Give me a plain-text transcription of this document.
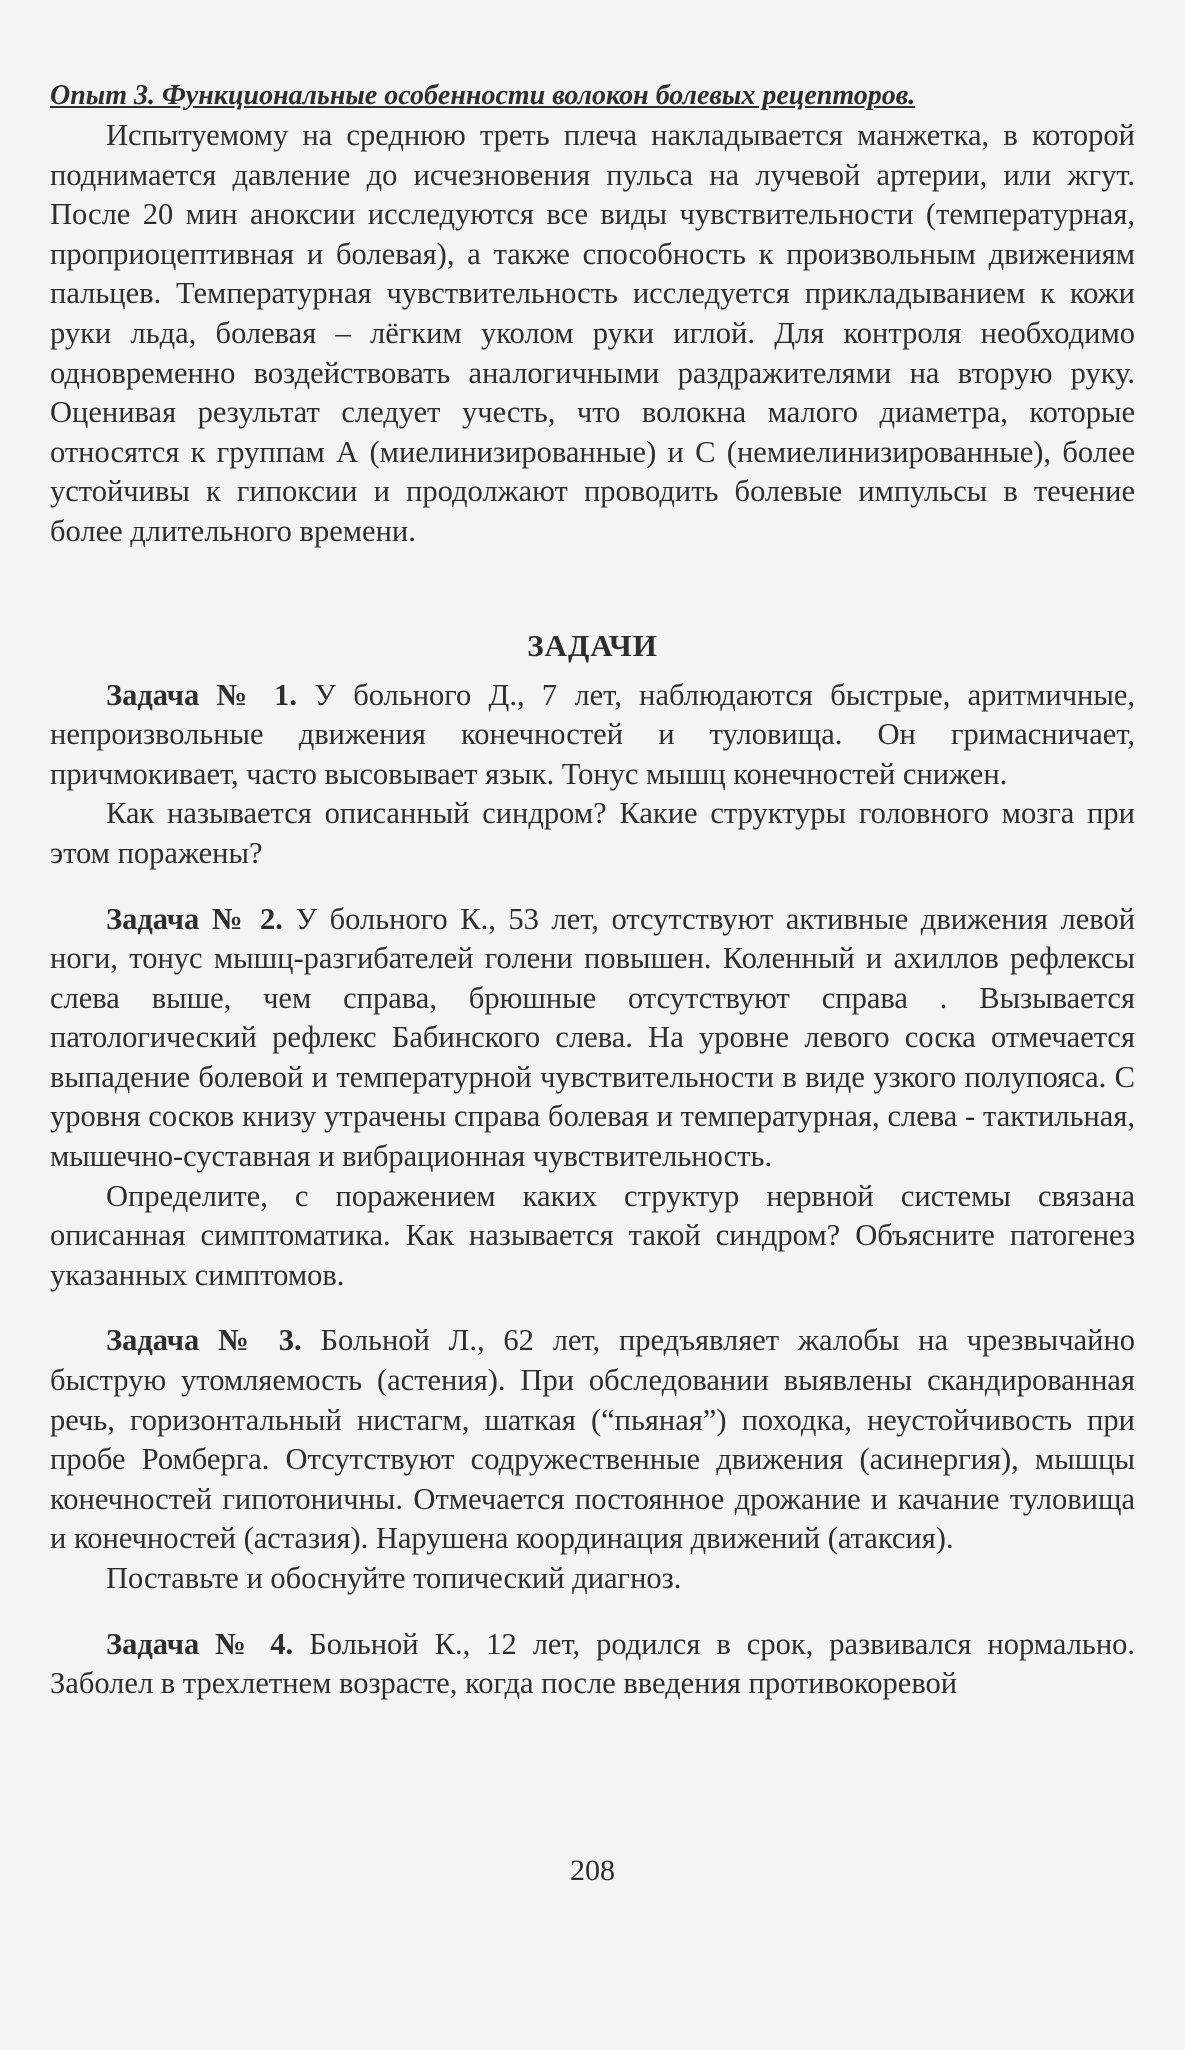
Опыт 3. Функциональные особенности волокон болевых рецепторов.

Испытуемому на среднюю треть плеча накладывается манжетка, в которой поднимается давление до исчезновения пульса на лучевой артерии, или жгут. После 20 мин аноксии исследуются все виды чувствительности (температурная, проприоцептивная и болевая), а также способность к произвольным движениям пальцев. Температурная чувствительность исследуется прикладыванием к кожи руки льда, болевая – лёгким уколом руки иглой. Для контроля необходимо одновременно воздействовать аналогичными раздражителями на вторую руку. Оценивая результат следует учесть, что волокна малого диаметра, которые относятся к группам А (миелинизированные) и С (немиелинизированные), более устойчивы к гипоксии и продолжают проводить болевые импульсы в течение более длительного времени.

ЗАДАЧИ

Задача № 1. У больного Д., 7 лет, наблюдаются быстрые, аритмичные, непроизвольные движения конечностей и туловища. Он гримасничает, причмокивает, часто высовывает язык. Тонус мышц конечностей снижен.

Как называется описанный синдром? Какие структуры головного мозга при этом поражены?

Задача № 2. У больного К., 53 лет, отсутствуют активные движения левой ноги, тонус мышц-разгибателей голени повышен. Коленный и ахиллов рефлексы слева выше, чем справа, брюшные отсутствуют справа . Вызывается патологический рефлекс Бабинского слева. На уровне левого соска отмечается выпадение болевой и температурной чувствительности в виде узкого полупояса. С уровня сосков книзу утрачены справа болевая и температурная, слева - тактильная, мышечно-суставная и вибрационная чувствительность.

Определите, с поражением каких структур нервной системы связана описанная симптоматика. Как называется такой синдром? Объясните патогенез указанных симптомов.

Задача № 3. Больной Л., 62 лет, предъявляет жалобы на чрезвычайно быструю утомляемость (астения). При обследовании выявлены скандированная речь, горизонтальный нистагм, шаткая (“пьяная”) походка, неустойчивость при пробе Ромберга. Отсутствуют содружественные движения (асинергия), мышцы конечностей гипотоничны. Отмечается постоянное дрожание и качание туловища и конечностей (астазия). Нарушена координация движений (атаксия).

Поставьте и обоснуйте топический диагноз.

Задача № 4. Больной К., 12 лет, родился в срок, развивался нормально. Заболел в трехлетнем возрасте, когда после введения противокоревой

208
